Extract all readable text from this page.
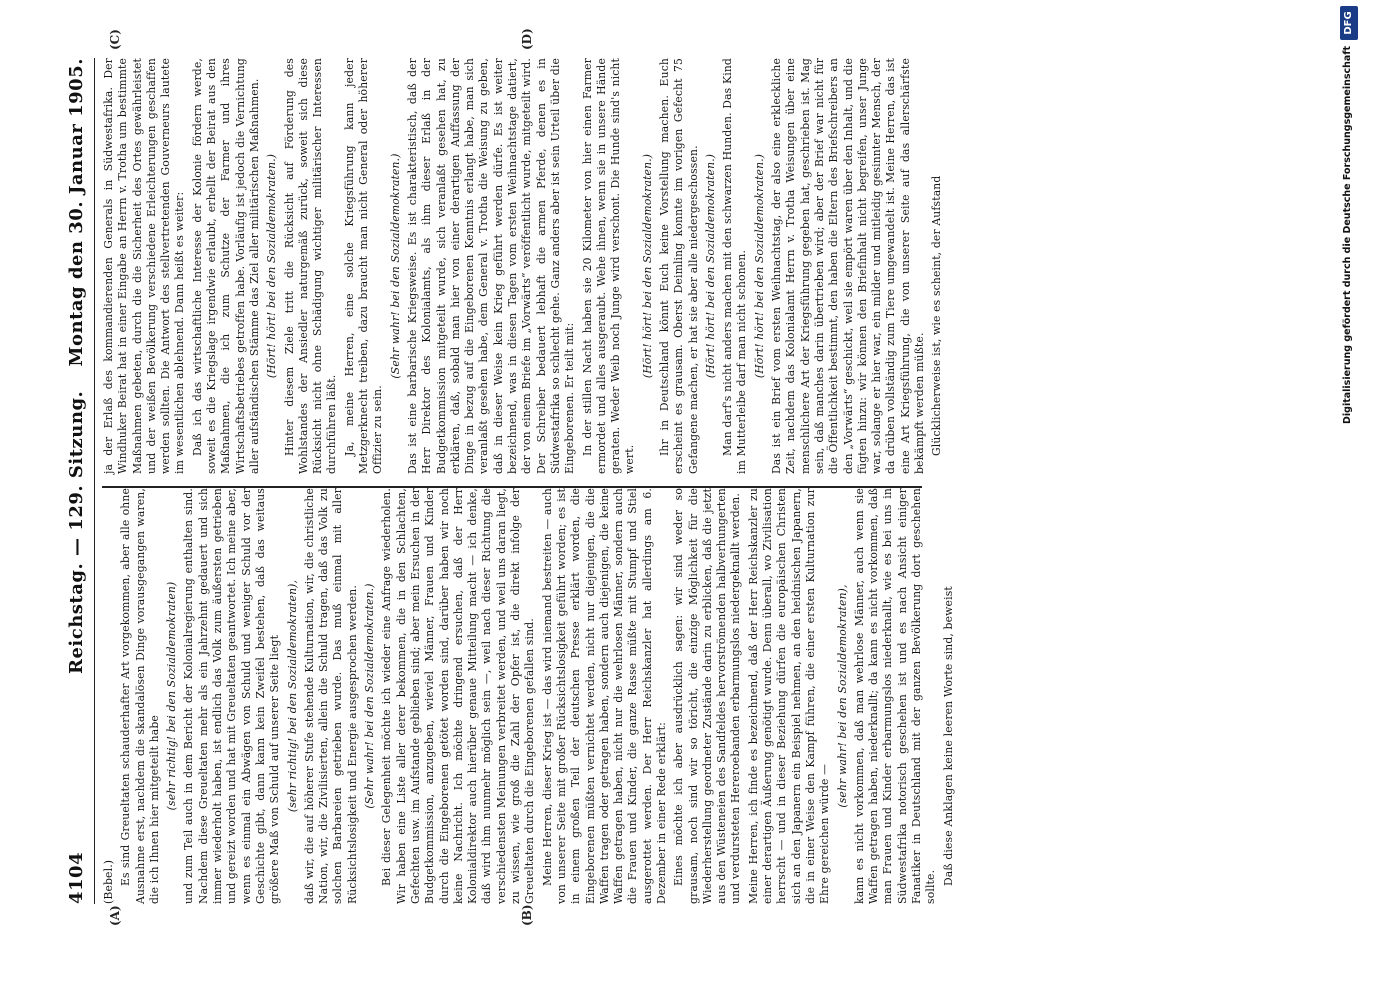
4104
Reichstag. — 129. Sitzung.
Montag den 30. Januar 1905.
(A)	(B)
(C)	(D)

(Bebel.) Es sind Greueltaten schauderhafter Art vorgekommen, aber alle ohne Ausnahme erst, nachdem die skandalösen Dinge vorausgegangen waren, die ich Ihnen hier mitgeteilt habe (sehr richtig! bei den Sozialdemokraten) und zum Teil auch in dem Bericht der Kolonialregierung enthalten sind. Nachdem diese Greueltaten mehr als ein Jahrzehnt gedauert und sich immer wiederholt haben, ist endlich das Volk zum äußersten getrieben und gereizt worden und hat mit Greueltaten geantwortet. Ich meine aber, wenn es einmal ein Abwägen von Schuld und weniger Schuld vor der Geschichte gibt, dann kann kein Zweifel bestehen, daß das weitaus größere Maß von Schuld auf unserer Seite liegt (sehr richtig! bei den Sozialdemokraten), daß wir, die auf höherer Stufe stehende Kulturnation, wir, die christliche Nation, wir, die Zivilisierten, allein die Schuld tragen, daß das Volk zu solchen Barbareien getrieben wurde. Das muß einmal mit aller Rücksichtslosigkeit und Energie ausgesprochen werden. (Sehr wahr! bei den Sozialdemokraten.) Bei dieser Gelegenheit möchte ich wieder eine Anfrage wiederholen. Wir haben eine Liste aller derer bekommen, die in den Schlachten, Gefechten usw. im Aufstande geblieben sind; aber mein Ersuchen in der Budgetkommission, anzugeben, wieviel Männer, Frauen und Kinder durch die Eingeborenen getötet worden sind, darüber haben wir noch keine Nachricht. Ich möchte dringend ersuchen, daß der Herr Kolonialdirektor auch hierüber genaue Mitteilung macht — ich denke, daß wird ihm nunmehr möglich sein —, weil nach dieser Richtung die verschiedensten Meinungen verbreitet werden, und weil uns daran liegt, zu wissen, wie groß die Zahl der Opfer ist, die direkt infolge der Greueltaten durch die Eingeborenen gefallen sind. Meine Herren, dieser Krieg ist — das wird niemand bestreiten — auch von unserer Seite mit großer Rücksichtslosigkeit geführt worden; es ist in einem großen Teil der deutschen Presse erklärt worden, die Eingeborenen müßten vernichtet werden, nicht nur diejenigen, die die Waffen tragen oder getragen haben, sondern auch diejenigen, die keine Waffen getragen haben, nicht nur die wehrlosen Männer, sondern auch die Frauen und Kinder, die ganze Rasse müßte mit Stumpf und Stiel ausgerottet werden. Der Herr Reichskanzler hat allerdings am 6. Dezember in einer Rede erklärt: Eines möchte ich aber ausdrücklich sagen: wir sind weder so grausam, noch sind wir so töricht, die einzige Möglichkeit für die Wiederherstellung geordneter Zustände darin zu erblicken, daß die jetzt aus den Wüsteneien des Sandfeldes hervorströmenden halbverhungerten und verdursteten Hereroebanden erbarmungslos niedergeknallt werden. Meine Herren, ich finde es bezeichnend, daß der Herr Reichskanzler zu einer derartigen Äußerung genötigt wurde. Denn überall, wo Zivilisation herrscht — und in dieser Beziehung dürfen die europäischen Christen sich an den Japanern ein Beispiel nehmen, an den heidnischen Japanern, die in einer Weise den Kampf führen, die einer ersten Kulturnation zur Ehre gereichen würde —

(sehr wahr! bei den Sozialdemokraten), kann es nicht vorkommen, daß man wehrlose Männer, auch wenn sie Waffen getragen haben, niederknallt; da kann es nicht vorkommen, daß man Frauen und Kinder erbarmungslos niederknallt, wie es bei uns in Südwestafrika notorisch geschehen ist und es nach Ansicht einiger Fanatiker in Deutschland mit der ganzen Bevölkerung dort geschehen sollte.

Daß diese Anklagen keine leeren Worte sind, beweist

ja der Erlaß des kommandierenden Generals in Südwestafrika. Der Windhuker Beirat hat in einer Eingabe an Herrn v. Trotha um bestimmte Maßnahmen gebeten, durch die die Sicherheit des Ortes gewährleistet und der weißen Bevölkerung verschiedene Erleichterungen geschaffen werden sollten. Die Antwort des stellvertretenden Gouverneurs lautete im wesentlichen ablehnend. Dann heißt es weiter: Daß ich das wirtschaftliche Interesse der Kolonie fördern werde, soweit es die Kriegslage irgendwie erlaubt, erhellt der Beirat aus den Maßnahmen, die ich zum Schutze der Farmer und ihres Wirtschaftsbetriebes getroffen habe. Vorläufig ist jedoch die Vernichtung aller aufständischen Stämme das Ziel aller militärischen Maßnahmen. (Hört! hört! bei den Sozialdemokraten.) Hinter diesem Ziele tritt die Rücksicht auf Förderung des Wohlstandes der Ansiedler naturgemäß zurück, soweit sich diese Rücksicht nicht ohne Schädigung wichtiger militärischer Interessen durchführen läßt. Ja, meine Herren, eine solche Kriegsführung kann jeder Metzgerknecht treiben, dazu braucht man nicht General oder höherer Offizier zu sein.

(Sehr wahr! bei den Sozialdemokraten.) Das ist eine barbarische Kriegsweise. Es ist charakteristisch, daß der Herr Direktor des Kolonialamts, als ihm dieser Erlaß in der Budgetkommission mitgeteilt wurde, sich veranlaßt gesehen hat, zu erklären, daß, sobald man hier von einer derartigen Auffassung der Dinge in bezug auf die Eingeborenen Kenntnis erlangt habe, man sich veranlaßt gesehen habe, dem General v. Trotha die Weisung zu geben, daß in dieser Weise kein Krieg geführt werden dürfe. Es ist weiter bezeichnend, was in diesen Tagen vom ersten Weihnachtstage datiert, der von einem Briefe im „Vorwärts“ veröffentlicht wurde, mitgeteilt wird. Der Schreiber bedauert lebhaft die armen Pferde, denen es in Südwestafrika so schlecht gehe. Ganz anders aber ist sein Urteil über die Eingeborenen. Er teilt mit: In der stillen Nacht haben sie 20 Kilometer von hier einen Farmer ermordet und alles ausgeraubt. Wehe ihnen, wenn sie in unsere Hände geraten. Weder Weib noch Junge wird verschont. Die Hunde sind's nicht wert.

(Hört! hört! bei den Sozialdemokraten.) Ihr in Deutschland könnt Euch keine Vorstellung machen. Euch erscheint es grausam. Oberst Deimling konnte im vorigen Gefecht 75 Gefangene machen, er hat sie aber alle niedergeschossen. (Hört! hört! bei den Sozialdemokraten.) Man darf's nicht anders machen mit den schwarzen Hunden. Das Kind im Mutterleibe darf man nicht schonen. (Hört! hört! bei den Sozialdemokraten.) Das ist ein Brief vom ersten Weihnachtstag, der also eine erkleckliche Zeit, nachdem das Kolonialamt Herrn v. Trotha Weisungen über eine menschlichere Art der Kriegsführung gegeben hat, geschrieben ist. Mag sein, daß manches darin übertrieben wird; aber der Brief war nicht für die Öffentlichkeit bestimmt, den haben die Eltern des Briefschreibers an den „Vorwärts“ geschickt, weil sie empört waren über den Inhalt, und die fügten hinzu: wir können den Briefinhalt nicht begreifen, unser Junge war, solange er hier war, ein milder und mitleidig gesinnter Mensch, der da drüben vollständig zum Tiere umgewandelt ist. Meine Herren, das ist eine Art Kriegsführung, die von unserer Seite auf das allerschärfste bekämpft werden müßte. Glücklicherweise ist, wie es scheint, der Aufstand	Digitalisierung gefördert durch die Deutsche Forschungsgemeinschaft
DFG
